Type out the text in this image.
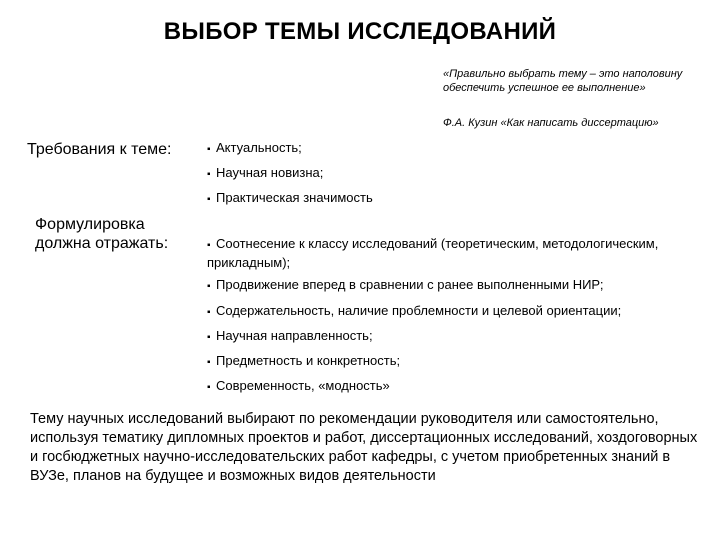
ВЫБОР ТЕМЫ ИССЛЕДОВАНИЙ
«Правильно выбрать тему – это наполовину обеспечить успешное ее выполнение»
Ф.А. Кузин «Как написать диссертацию»
Требования к теме:	▪ Актуальность;
▪ Научная новизна;
▪ Практическая значимость
Формулировка
должна отражать:	▪ Соотнесение к классу исследований (теоретическим, методологическим, прикладным);
▪ Продвижение вперед в сравнении с ранее выполненными НИР;
▪ Содержательность, наличие проблемности и целевой ориентации;
▪ Научная направленность;
▪ Предметность и конкретность;
▪ Современность, «модность»
Тему научных исследований выбирают по рекомендации руководителя или самостоятельно, используя тематику дипломных проектов и работ, диссертационных исследований, хоздоговорных и госбюджетных научно-исследовательских работ кафедры, с учетом приобретенных знаний в ВУЗе, планов на будущее и возможных видов деятельности
